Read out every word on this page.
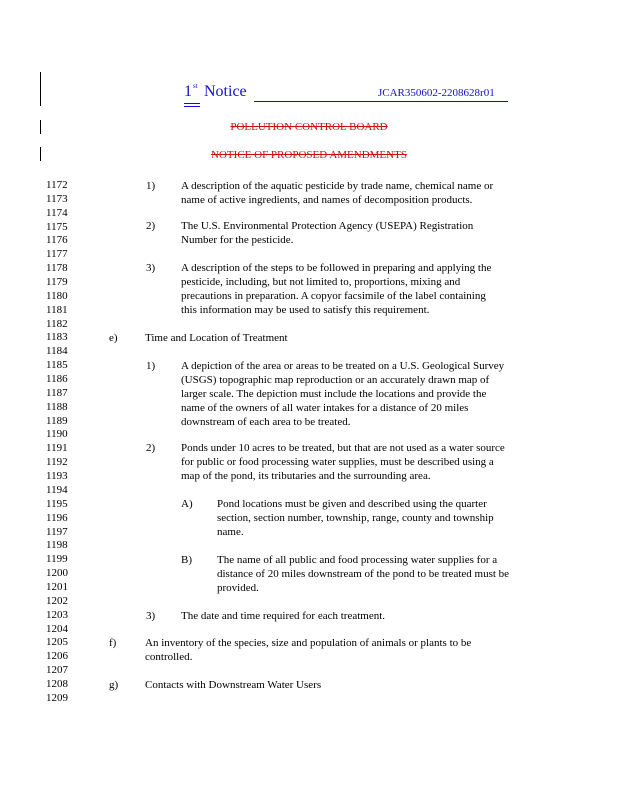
1 st Notice	JCAR350602-2208628r01
POLLUTION CONTROL BOARD
NOTICE OF PROPOSED AMENDMENTS
1172
1173
1174
1175
1176
1177
1178
1179
1180
1181
1182
1183
1184
1185
1186
1187
1188
1189
1190
1191
1192
1193
1194
1195
1196
1197
1198
1199
1200
1201
1202
1203
1204
1205
1206
1207
1208
1209
1) A description of the aquatic pesticide by trade name, chemical name or
name of active ingredients, and names of decomposition products.
2) The U.S. Environmental Protection Agency (USEPA) Registration
Number for the pesticide.
3) A description of the steps to be followed in preparing and applying the
pesticide, including, but not limited to, proportions, mixing and
precautions in preparation. A copyor facsimile of the label containing
this information may be used to satisfy this requirement.
e) Time and Location of Treatment
1) A depiction of the area or areas to be treated on a U.S. Geological Survey
(USGS) topographic map reproduction or an accurately drawn map of
larger scale. The depiction must include the locations and provide the
name of the owners of all water intakes for a distance of 20 miles
downstream of each area to be treated.
2) Ponds under 10 acres to be treated, but that are not used as a water source
for public or food processing water supplies, must be described using a
map of the pond, its tributaries and the surrounding area.
A) Pond locations must be given and described using the quarter
section, section number, township, range, county and township
name.
B) The name of all public and food processing water supplies for a
distance of 20 miles downstream of the pond to be treated must be
provided.
3) The date and time required for each treatment.
f)	An inventory of the species, size and population of animals or plants to be
controlled.
g) Contacts with Downstream Water Users
